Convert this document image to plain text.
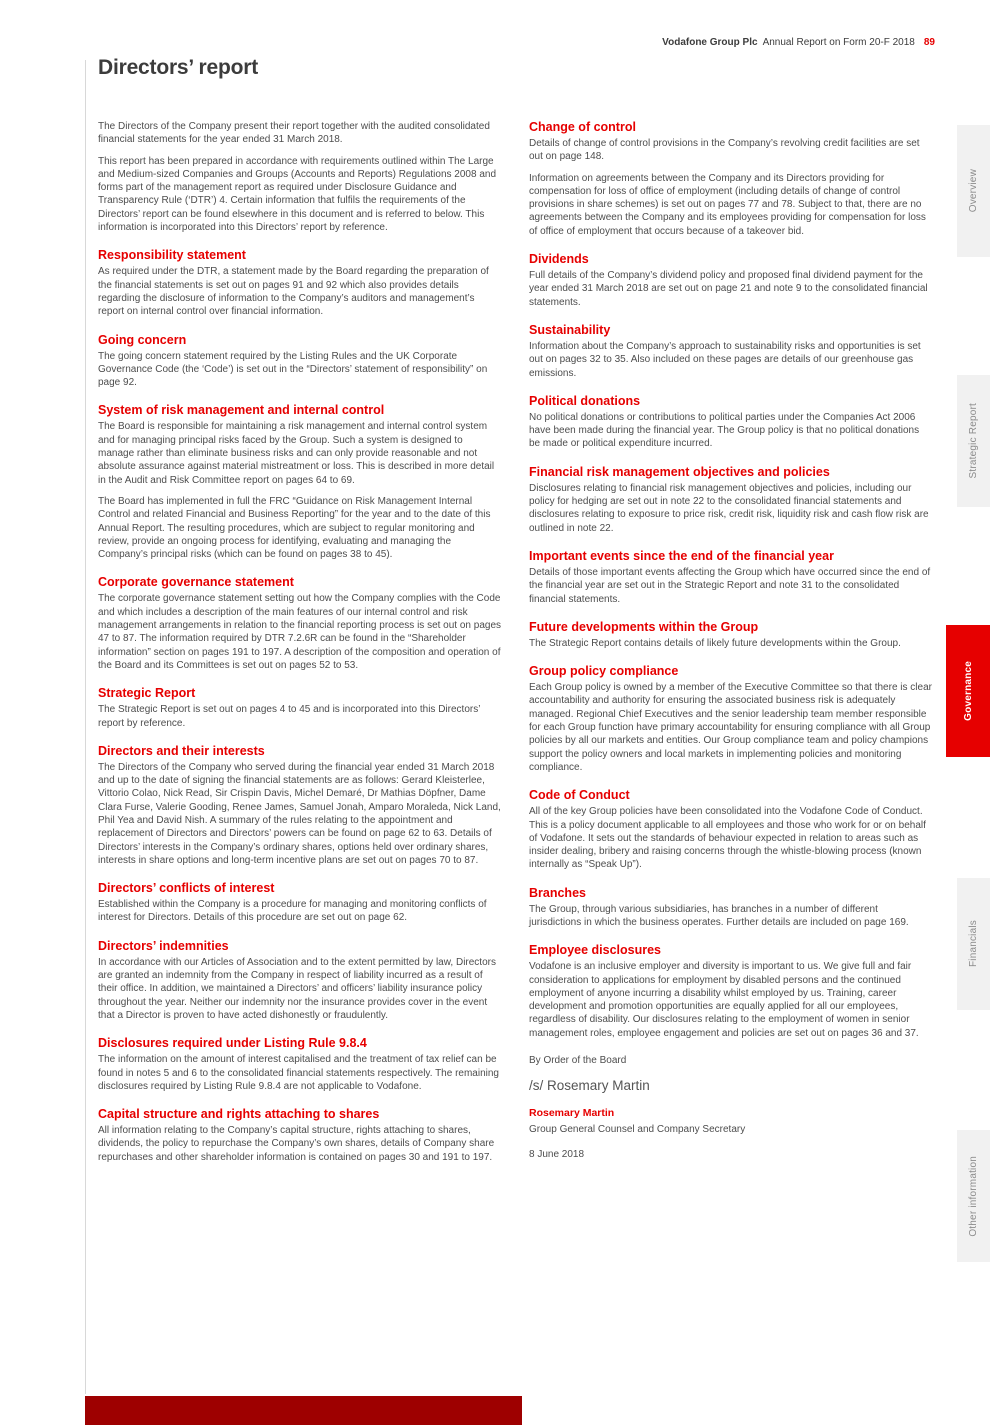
Vodafone Group Plc Annual Report on Form 20-F 2018 89
Directors’ report

The Directors of the Company present their report together with the audited consolidated financial statements for the year ended 31 March 2018.

This report has been prepared in accordance with requirements outlined within The Large and Medium-sized Companies and Groups (Accounts and Reports) Regulations 2008 and forms part of the management report as required under Disclosure Guidance and Transparency Rule (‘DTR’) 4. Certain information that fulfils the requirements of the Directors’ report can be found elsewhere in this document and is referred to below. This information is incorporated into this Directors’ report by reference.

Responsibility statement

As required under the DTR, a statement made by the Board regarding the preparation of the financial statements is set out on pages 91 and 92 which also provides details regarding the disclosure of information to the Company’s auditors and management’s report on internal control over financial information.

Going concern

The going concern statement required by the Listing Rules and the UK Corporate Governance Code (the ‘Code’) is set out in the “Directors’ statement of responsibility” on page 92.

System of risk management and internal control

The Board is responsible for maintaining a risk management and internal control system and for managing principal risks faced by the Group. Such a system is designed to manage rather than eliminate business risks and can only provide reasonable and not absolute assurance against material mistreatment or loss. This is described in more detail in the Audit and Risk Committee report on pages 64 to 69.

The Board has implemented in full the FRC “Guidance on Risk Management Internal Control and related Financial and Business Reporting” for the year and to the date of this Annual Report. The resulting procedures, which are subject to regular monitoring and review, provide an ongoing process for identifying, evaluating and managing the Company’s principal risks (which can be found on pages 38 to 45).

Corporate governance statement

The corporate governance statement setting out how the Company complies with the Code and which includes a description of the main features of our internal control and risk management arrangements in relation to the financial reporting process is set out on pages 47 to 87. The information required by DTR 7.2.6R can be found in the “Shareholder information” section on pages 191 to 197. A description of the composition and operation of the Board and its Committees is set out on pages 52 to 53.

Strategic Report

The Strategic Report is set out on pages 4 to 45 and is incorporated into this Directors’ report by reference.

Directors and their interests

The Directors of the Company who served during the financial year ended 31 March 2018 and up to the date of signing the financial statements are as follows: Gerard Kleisterlee, Vittorio Colao, Nick Read, Sir Crispin Davis, Michel Demaré, Dr Mathias Döpfner, Dame Clara Furse, Valerie Gooding, Renee James, Samuel Jonah, Amparo Moraleda, Nick Land, Phil Yea and David Nish. A summary of the rules relating to the appointment and replacement of Directors and Directors’ powers can be found on page 62 to 63. Details of Directors’ interests in the Company’s ordinary shares, options held over ordinary shares, interests in share options and long-term incentive plans are set out on pages 70 to 87.

Directors’ conflicts of interest

Established within the Company is a procedure for managing and monitoring conflicts of interest for Directors. Details of this procedure are set out on page 62.

Directors’ indemnities

In accordance with our Articles of Association and to the extent permitted by law, Directors are granted an indemnity from the Company in respect of liability incurred as a result of their office. In addition, we maintained a Directors’ and officers’ liability insurance policy throughout the year. Neither our indemnity nor the insurance provides cover in the event that a Director is proven to have acted dishonestly or fraudulently.

Disclosures required under Listing Rule 9.8.4

The information on the amount of interest capitalised and the treatment of tax relief can be found in notes 5 and 6 to the consolidated financial statements respectively. The remaining disclosures required by Listing Rule 9.8.4 are not applicable to Vodafone.

Capital structure and rights attaching to shares

All information relating to the Company’s capital structure, rights attaching to shares, dividends, the policy to repurchase the Company’s own shares, details of Company share repurchases and other shareholder information is contained on pages 30 and 191 to 197.

Change of control

Details of change of control provisions in the Company’s revolving credit facilities are set out on page 148.

Information on agreements between the Company and its Directors providing for compensation for loss of office of employment (including details of change of control provisions in share schemes) is set out on pages 77 and 78. Subject to that, there are no agreements between the Company and its employees providing for compensation for loss of office of employment that occurs because of a takeover bid.

Dividends

Full details of the Company’s dividend policy and proposed final dividend payment for the year ended 31 March 2018 are set out on page 21 and note 9 to the consolidated financial statements.

Sustainability

Information about the Company’s approach to sustainability risks and opportunities is set out on pages 32 to 35. Also included on these pages are details of our greenhouse gas emissions.

Political donations

No political donations or contributions to political parties under the Companies Act 2006 have been made during the financial year. The Group policy is that no political donations be made or political expenditure incurred.

Financial risk management objectives and policies

Disclosures relating to financial risk management objectives and policies, including our policy for hedging are set out in note 22 to the consolidated financial statements and disclosures relating to exposure to price risk, credit risk, liquidity risk and cash flow risk are outlined in note 22.

Important events since the end of the financial year

Details of those important events affecting the Group which have occurred since the end of the financial year are set out in the Strategic Report and note 31 to the consolidated financial statements.

Future developments within the Group

The Strategic Report contains details of likely future developments within the Group.

Group policy compliance

Each Group policy is owned by a member of the Executive Committee so that there is clear accountability and authority for ensuring the associated business risk is adequately managed. Regional Chief Executives and the senior leadership team member responsible for each Group function have primary accountability for ensuring compliance with all Group policies by all our markets and entities. Our Group compliance team and policy champions support the policy owners and local markets in implementing policies and monitoring compliance.

Code of Conduct

All of the key Group policies have been consolidated into the Vodafone Code of Conduct. This is a policy document applicable to all employees and those who work for or on behalf of Vodafone. It sets out the standards of behaviour expected in relation to areas such as insider dealing, bribery and raising concerns through the whistle-blowing process (known internally as “Speak Up”).

Branches

The Group, through various subsidiaries, has branches in a number of different jurisdictions in which the business operates. Further details are included on page 169.

Employee disclosures

Vodafone is an inclusive employer and diversity is important to us. We give full and fair consideration to applications for employment by disabled persons and the continued employment of anyone incurring a disability whilst employed by us. Training, career development and promotion opportunities are equally applied for all our employees, regardless of disability. Our disclosures relating to the employment of women in senior management roles, employee engagement and policies are set out on pages 36 and 37.

By Order of the Board

/s/ Rosemary Martin

Rosemary Martin

Group General Counsel and Company Secretary

8 June 2018

Overview
Strategic Report
Governance
Financials
Other information
